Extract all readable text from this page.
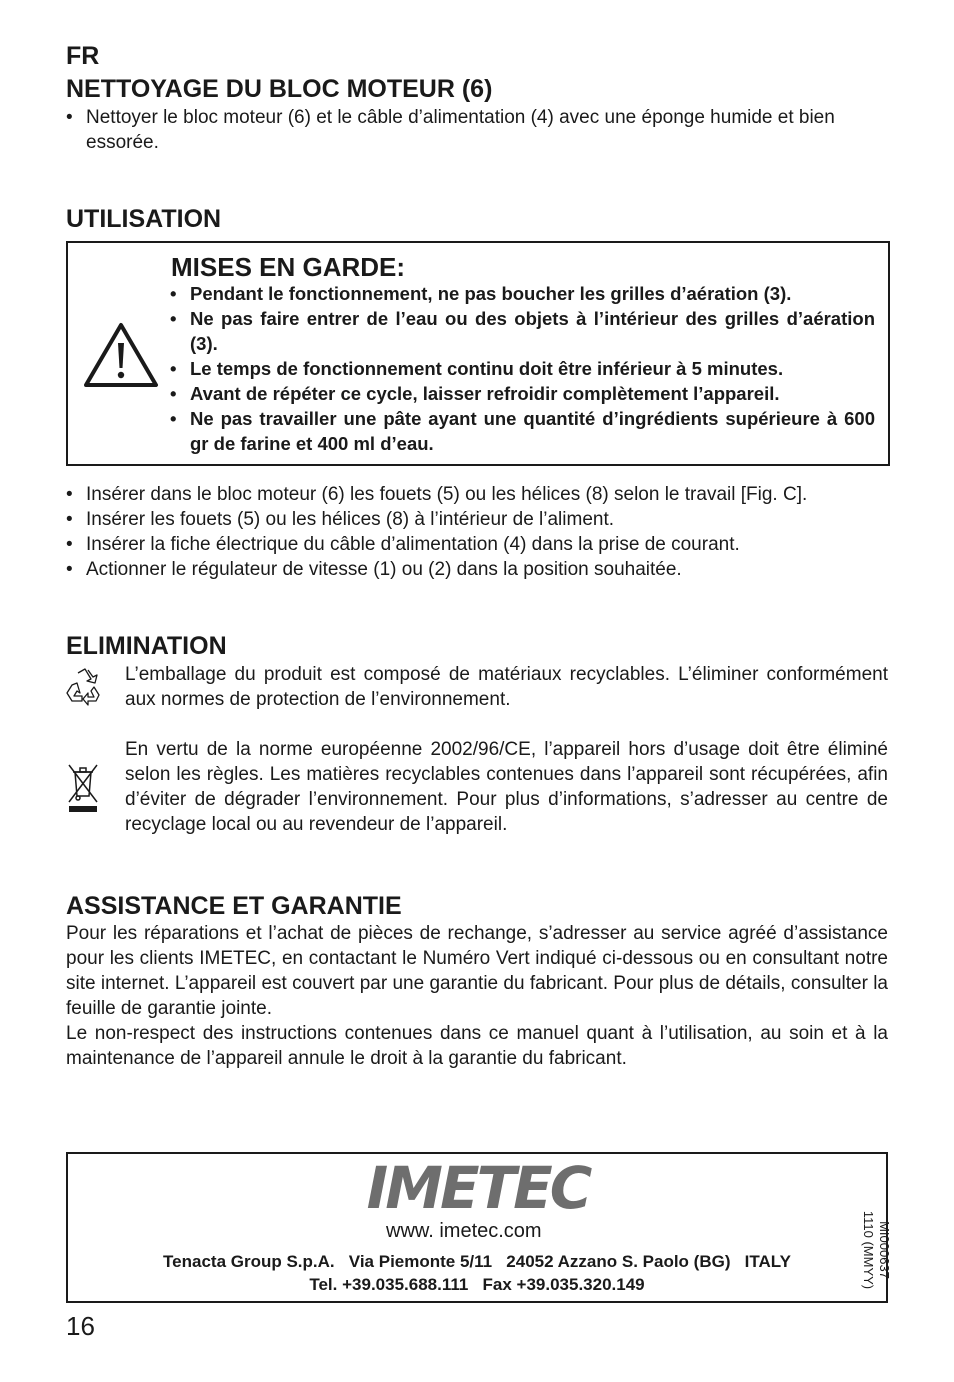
FR
NETTOYAGE DU BLOC MOTEUR (6)
• Nettoyer le bloc moteur (6) et le câble d’alimentation (4) avec une éponge humide et bien essorée.
UTILISATION
MISES EN GARDE:
• Pendant le fonctionnement, ne pas boucher les grilles d’aération (3).
• Ne pas faire entrer de l’eau ou des objets à l’intérieur des grilles d’aération (3).
• Le temps de fonctionnement continu doit être inférieur à 5 minutes.
• Avant de répéter ce cycle, laisser refroidir complètement l’appareil.
• Ne pas travailler une pâte ayant une quantité d’ingrédients supérieure à 600 gr de farine et 400 ml d’eau.
• Insérer dans le bloc moteur (6) les fouets (5) ou les hélices (8) selon le travail [Fig. C].
• Insérer les fouets (5) ou les hélices (8) à l’intérieur de l’aliment.
• Insérer la fiche électrique du câble d’alimentation (4) dans la prise de courant.
• Actionner le régulateur de vitesse (1) ou (2) dans la position souhaitée.
ELIMINATION
L’emballage du produit est composé de matériaux recyclables. L’éliminer conformément aux normes de protection de l’environnement.
En vertu de la norme européenne 2002/96/CE, l’appareil hors d’usage doit être éliminé selon les règles. Les matières recyclables contenues dans l’appareil sont récupérées, afin d’éviter de dégrader l’environnement. Pour plus d’informations, s’adresser au centre de recyclage local ou au revendeur de l’appareil.
ASSISTANCE ET GARANTIE
Pour les réparations et l’achat de pièces de rechange, s’adresser au service agréé d’assistance pour les clients IMETEC, en contactant le Numéro Vert indiqué ci-dessous ou en consultant notre site internet. L’appareil est couvert par une garantie du fabricant. Pour plus de détails, consulter la feuille de garantie jointe.
Le non-respect des instructions contenues dans ce manuel quant à l’utilisation, au soin et à la maintenance de l’appareil annule le droit à la garantie du fabricant.
IMETEC
www. imetec.com
Tenacta Group S.p.A.   Via Piemonte 5/11   24052 Azzano S. Paolo (BG)   ITALY
Tel. +39.035.688.111   Fax +39.035.320.149
MI000637
1110 (MMYY)
16
